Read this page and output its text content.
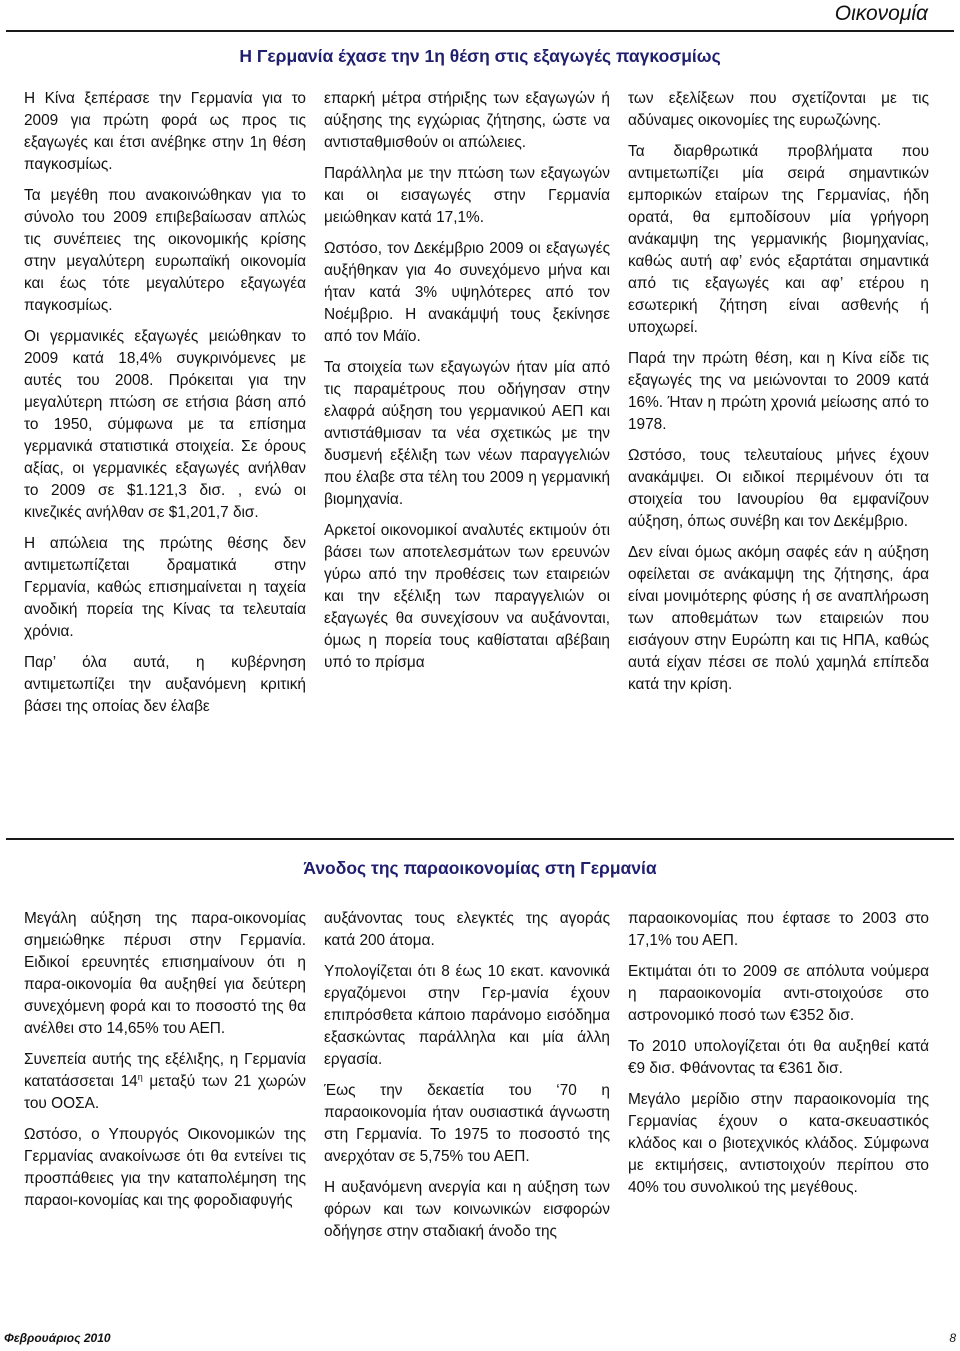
Οικονομία
Η Γερμανία έχασε την 1η θέση στις εξαγωγές παγκοσμίως

Η Κίνα ξεπέρασε την Γερμανία για το 2009 για πρώτη φορά ως προς τις εξαγωγές και έτσι ανέβηκε στην 1η θέση παγκοσμίως.

Τα μεγέθη που ανακοινώθηκαν για το σύνολο του 2009 επιβεβαίωσαν απλώς τις συνέπειες της οικονομικής κρίσης στην μεγαλύτερη ευρωπαϊκή οικονομία και έως τότε μεγαλύτερο εξαγωγέα παγκοσμίως.

Οι γερμανικές εξαγωγές μειώθηκαν το 2009 κατά 18,4% συγκρινόμενες με αυτές του 2008. Πρόκειται για την μεγαλύτερη πτώση σε ετήσια βάση από το 1950, σύμφωνα με τα επίσημα γερμανικά στατιστικά στοιχεία. Σε όρους αξίας, οι γερμανικές εξαγωγές ανήλθαν το 2009 σε $1.121,3 δισ. , ενώ οι κινεζικές ανήλθαν σε $1,201,7 δισ.

Η απώλεια της πρώτης θέσης δεν αντιμετωπίζεται δραματικά στην Γερμανία, καθώς επισημαίνεται η ταχεία ανοδική πορεία της Κίνας τα τελευταία χρόνια.

Παρ’ όλα αυτά, η κυβέρνηση αντιμετωπίζει την αυξανόμενη κριτική βάσει της οποίας δεν έλαβε

επαρκή μέτρα στήριξης των εξαγωγών ή αύξησης της εγχώριας ζήτησης, ώστε να αντισταθμισθούν οι απώλειες.

Παράλληλα με την πτώση των εξαγωγών και οι εισαγωγές στην Γερμανία μειώθηκαν κατά 17,1%.

Ωστόσο, τον Δεκέμβριο 2009 οι εξαγωγές αυξήθηκαν για 4ο συνεχόμενο μήνα και ήταν κατά 3% υψηλότερες από τον Νοέμβριο. Η ανακάμψή τους ξεκίνησε από τον Μάϊο.

Τα στοιχεία των εξαγωγών ήταν μία από τις παραμέτρους που οδήγησαν στην ελαφρά αύξηση του γερμανικού ΑΕΠ και αντιστάθμισαν τα νέα σχετικώς με την δυσμενή εξέλιξη των νέων παραγγελιών που έλαβε στα τέλη του 2009 η γερμανική βιομηχανία.

Αρκετοί οικονομικοί αναλυτές εκτιμούν ότι βάσει των αποτελεσμάτων των ερευνών γύρω από την προθέσεις των εταιρειών και την εξέλιξη των παραγγελιών οι εξαγωγές θα συνεχίσουν να αυξάνονται, όμως η πορεία τους καθίσταται αβέβαιη υπό το πρίσμα

των εξελίξεων που σχετίζονται με τις αδύναμες οικονομίες της ευρωζώνης.

Τα διαρθρωτικά προβλήματα που αντιμετωπίζει μία σειρά σημαντικών εμπορικών εταίρων της Γερμανίας, ήδη ορατά, θα εμποδίσουν μία γρήγορη ανάκαμψη της γερμανικής βιομηχανίας, καθώς αυτή αφ’ ενός εξαρτάται σημαντικά από τις εξαγωγές και αφ’ ετέρου η εσωτερική ζήτηση είναι ασθενής ή υποχωρεί.

Παρά την πρώτη θέση, και η Κίνα είδε τις εξαγωγές της να μειώνονται το 2009 κατά 16%. Ήταν η πρώτη χρονιά μείωσης από το 1978.

Ωστόσο, τους τελευταίους μήνες έχουν ανακάμψει. Οι ειδικοί περιμένουν ότι τα στοιχεία του Ιανουρίου θα εμφανίζουν αύξηση, όπως συνέβη και τον Δεκέμβριο.

Δεν είναι όμως ακόμη σαφές εάν η αύξηση οφείλεται σε ανάκαμψη της ζήτησης, άρα είναι μονιμότερης φύσης ή σε αναπλήρωση των αποθεμάτων των εταιρειών που εισάγουν στην Ευρώπη και τις ΗΠΑ, καθώς αυτά είχαν πέσει σε πολύ χαμηλά επίπεδα κατά την κρίση.

Άνοδος της παραοικονομίας στη Γερμανία

Μεγάλη αύξηση της παρα-οικονομίας σημειώθηκε πέρυσι στην Γερμανία. Ειδικοί ερευνητές επισημαίνουν ότι η παρα-οικονομία θα αυξηθεί για δεύτερη συνεχόμενη φορά και το ποσοστό της θα ανέλθει στο 14,65% του ΑΕΠ.

Συνεπεία αυτής της εξέλιξης, η Γερμανία κατατάσσεται $14^\eta$ μεταξύ των 21 χωρών του ΟΟΣΑ.

Ωστόσο, ο Υπουργός Οικονομικών της Γερμανίας ανακοίνωσε ότι θα εντείνει τις προσπάθειες για την καταπολέμηση της παραοι-κονομίας και της φοροδιαφυγής

αυξάνοντας τους ελεγκτές της αγοράς κατά 200 άτομα.

Υπολογίζεται ότι 8 έως 10 εκατ. κανονικά εργαζόμενοι στην Γερ-μανία έχουν επιπρόσθετα κάποιο παράνομο εισόδημα εξασκώντας παράλληλα και μία άλλη εργασία.

Έως την δεκαετία του ‘70 η παραοικονομία ήταν ουσιαστικά άγνωστη στη Γερμανία. Το 1975 το ποσοστό της ανερχόταν σε 5,75% του ΑΕΠ.

Η αυξανόμενη ανεργία και η αύξηση των φόρων και των κοινωνικών εισφορών οδήγησε στην σταδιακή άνοδο της

παραοικονομίας που έφτασε το 2003 στο 17,1% του ΑΕΠ.

Εκτιμάται ότι το 2009 σε απόλυτα νούμερα η παραοικονομία αντι-στοιχούσε στο αστρονομικό ποσό των €352 δισ.

Το 2010 υπολογίζεται ότι θα αυξηθεί κατά €9 δισ. Φθάνοντας τα €361 δισ.

Μεγάλο μερίδιο στην παραοικονομία της Γερμανίας έχουν ο κατα-σκευαστικός κλάδος και ο βιοτεχνικός κλάδος. Σύμφωνα με εκτιμήσεις, αντιστοιχούν περίπου στο 40% του συνολικού της μεγέθους.

Φεβρουάριος 2010	8
